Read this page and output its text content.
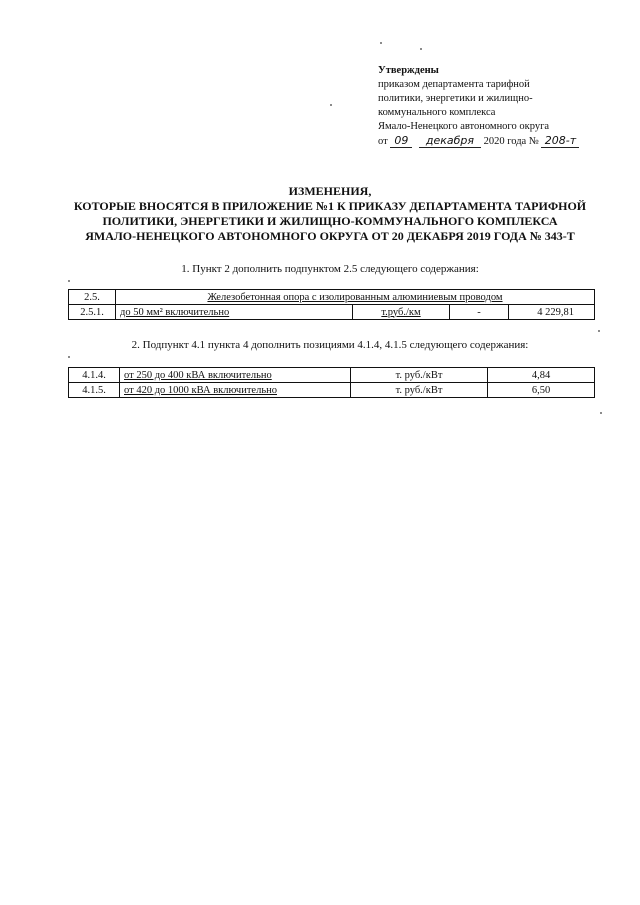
Утверждены
приказом департамента тарифной
политики, энергетики и жилищно-
коммунального комплекса
Ямало-Ненецкого автономного округа
от 09 декабря 2020 года № 208-т
ИЗМЕНЕНИЯ,
КОТОРЫЕ ВНОСЯТСЯ В ПРИЛОЖЕНИЕ №1 К ПРИКАЗУ ДЕПАРТАМЕНТА ТАРИФНОЙ
ПОЛИТИКИ, ЭНЕРГЕТИКИ И ЖИЛИЩНО-КОММУНАЛЬНОГО КОМПЛЕКСА
ЯМАЛО-НЕНЕЦКОГО АВТОНОМНОГО ОКРУГА ОТ 20 ДЕКАБРЯ 2019 ГОДА № 343-Т
1. Пункт 2 дополнить подпунктом 2.5 следующего содержания:
2.5.	Железобетонная опора с изолированным алюминиевым проводом			
2.5.1.	до 50 мм² включительно	т.руб./км	-	4 229,81
2. Подпункт 4.1 пункта 4 дополнить позициями 4.1.4, 4.1.5 следующего содержания:
4.1.4.	от 250 до 400 кВА включительно	т. руб./кВт	4,84
4.1.5.	от 420 до 1000 кВА включительно	т. руб./кВт	6,50
